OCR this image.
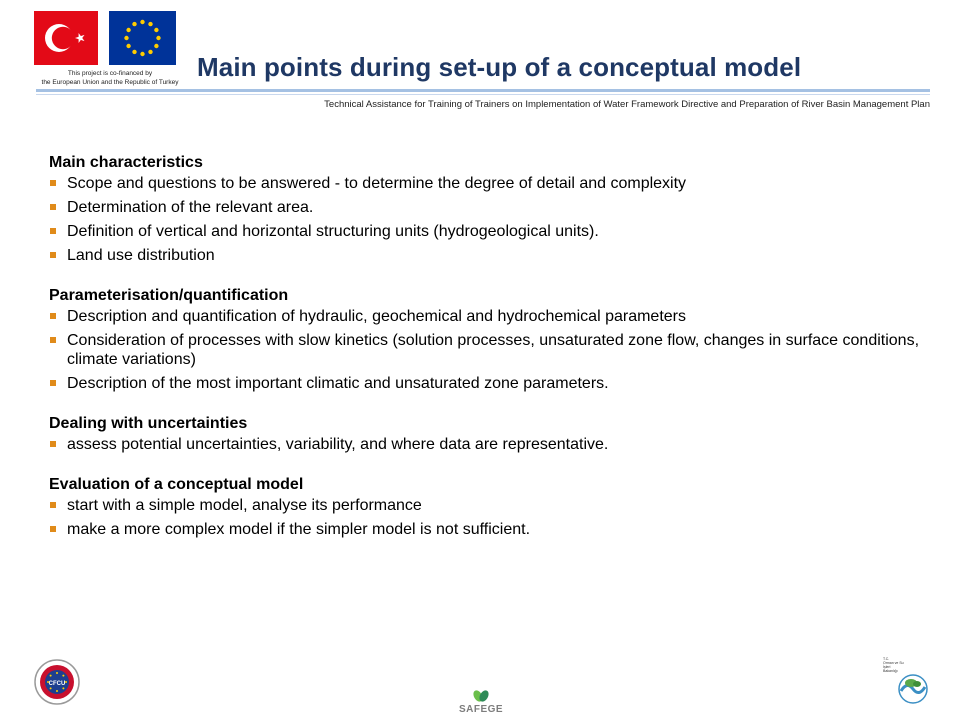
This project is co-financed by
the European Union and the Republic of Turkey
Main points during set-up of a conceptual model
Technical Assistance for Training of Trainers on Implementation of Water Framework Directive and Preparation of River Basin Management Plan
Main characteristics
Scope and questions to be answered - to determine the degree of detail and complexity
Determination of the relevant area.
Definition of vertical and horizontal structuring units (hydrogeological units).
Land use distribution
Parameterisation/quantification
Description and quantification of hydraulic, geochemical and hydrochemical parameters
Consideration of processes with slow kinetics (solution processes, unsaturated zone flow, changes in surface conditions, climate variations)
Description of the most important climatic and unsaturated zone parameters.
Dealing with uncertainties
assess potential uncertainties, variability, and where data are representative.
Evaluation of a conceptual model
start with a simple model, analyse its performance
make a more complex model if the simpler model is not sufficient.
CFCU
SAFEGE
T.C.
Orman ve Su İşleri
Bakanlığı
